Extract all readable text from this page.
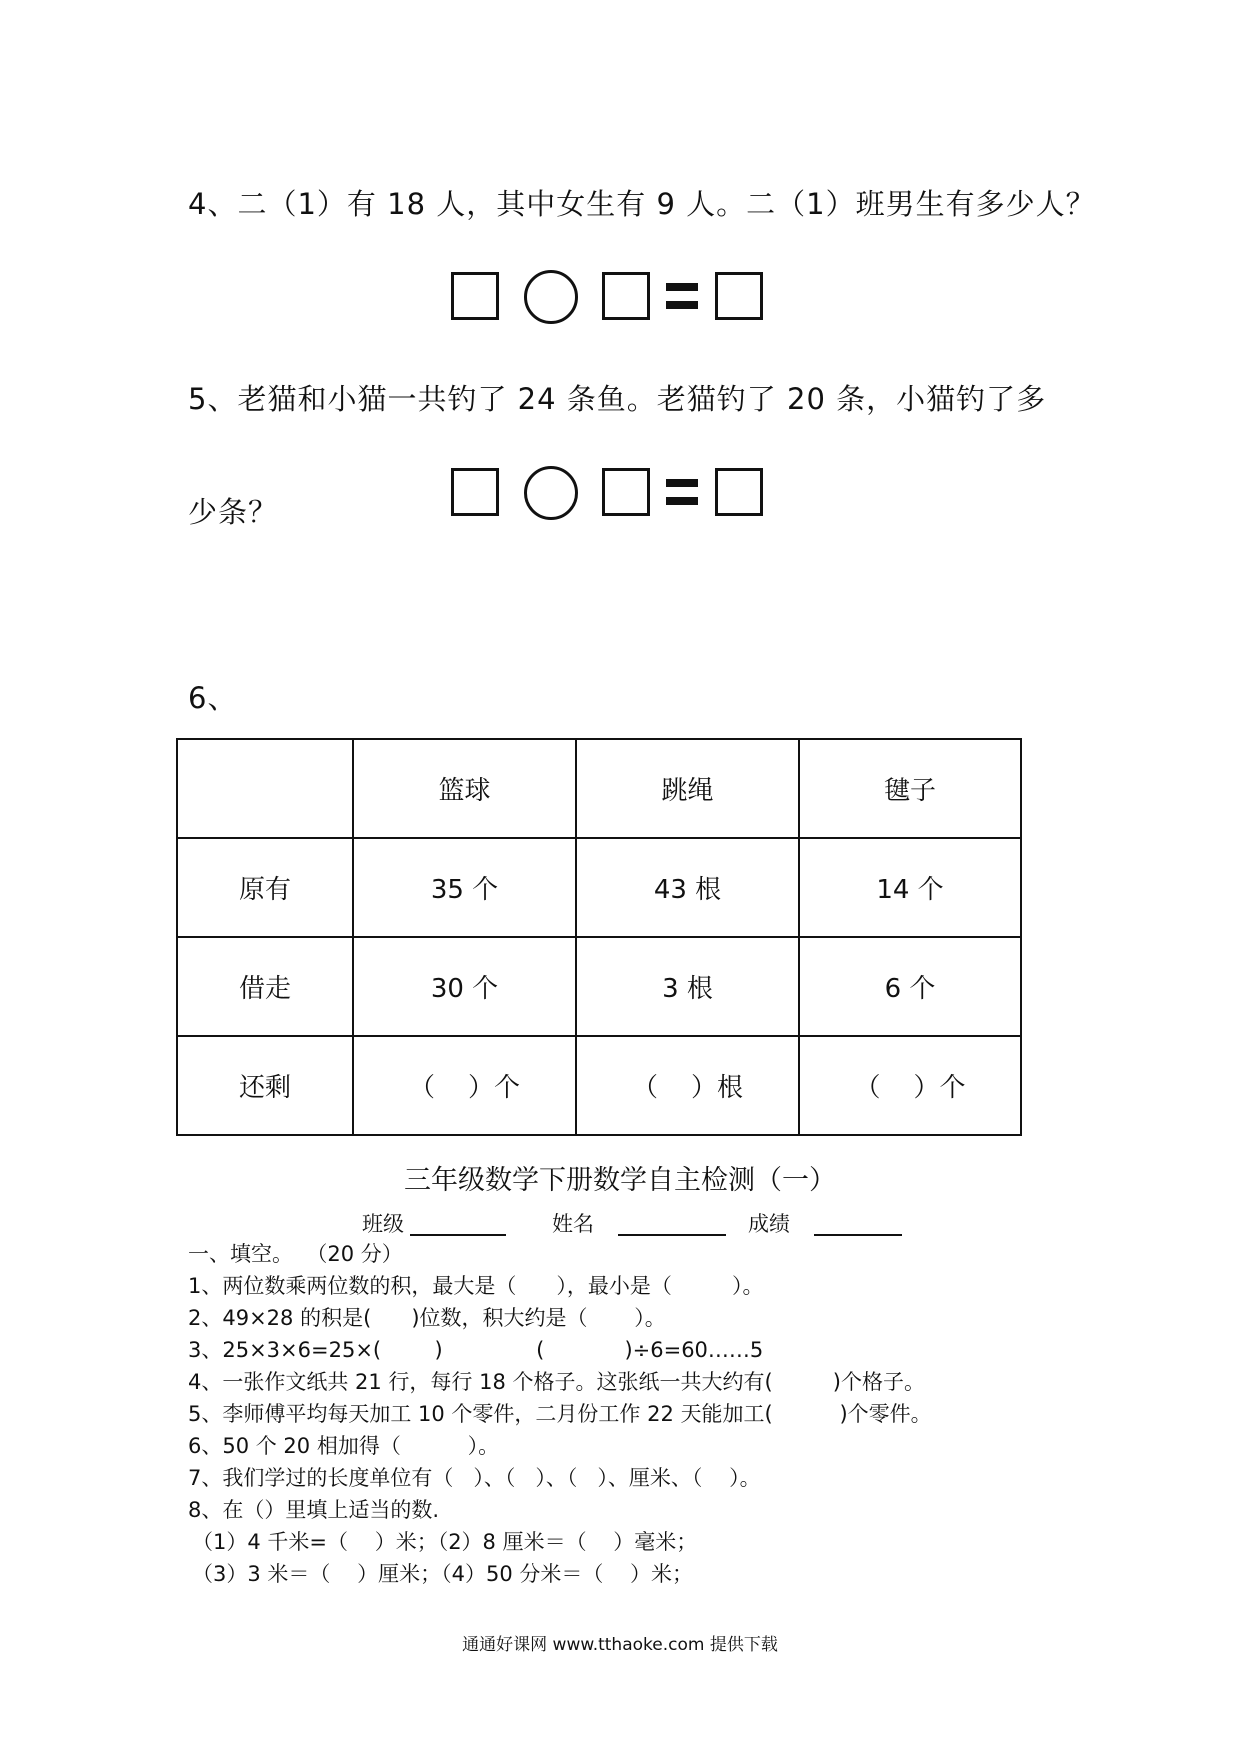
4、二（1）有 18 人，其中女生有 9 人。二（1）班男生有多少人？
5、老猫和小猫一共钓了 24 条鱼。老猫钓了 20 条，小猫钓了多
少条？
6、
	篮球	跳绳	毽子
原有	35 个	43 根	14 个
借走	30 个	3 根	6 个
还剩	（    ）个	（    ）根	（    ）个
三年级数学下册数学自主检测（一）
班级	姓名	成绩
一、填空。  （20 分）
1、两位数乘两位数的积，最大是（      ），最小是（         ）。
2、49×28 的积是(      )位数，积大约是（       ）。
3、25×3×6=25×(        )              (            )÷6=60……5
4、一张作文纸共 21 行，每行 18 个格子。这张纸一共大约有(         )个格子。
5、李师傅平均每天加工 10 个零件，二月份工作 22 天能加工(          )个零件。
6、50 个 20 相加得（          ）。
7、我们学过的长度单位有（   ）、（   ）、（   ）、厘米、（    ）。
8、在（）里填上适当的数.
（1）4 千米=（    ）米；（2）8 厘米＝（    ）毫米；
（3）3 米＝（    ）厘米；（4）50 分米＝（    ）米；
通通好课网 www.tthaoke.com 提供下载
